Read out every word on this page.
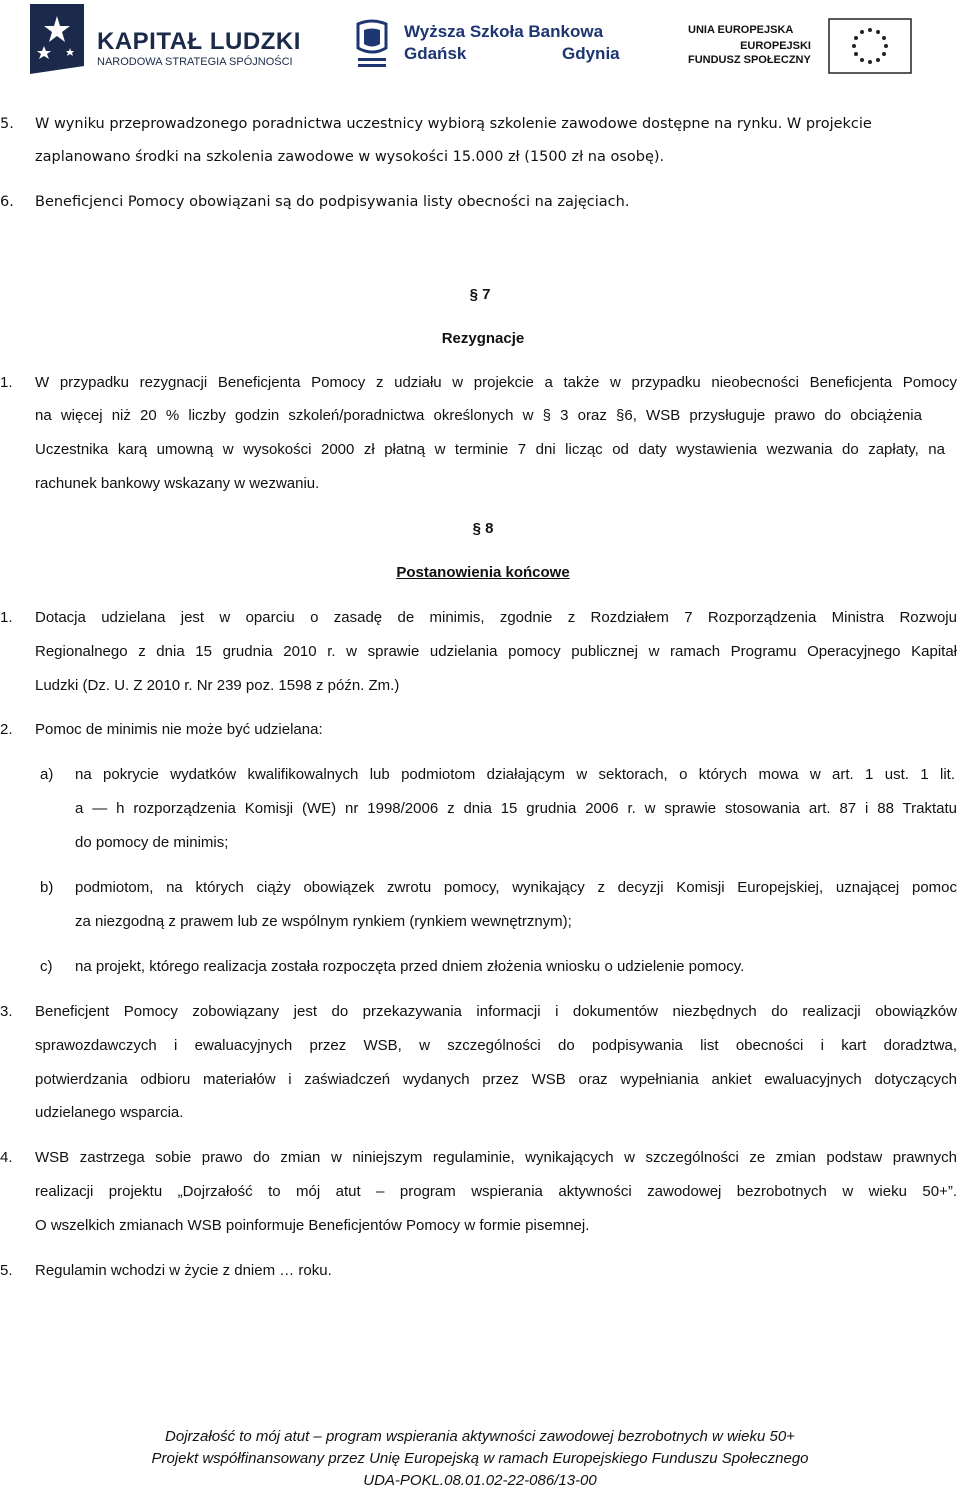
KAPITAŁ LUDZKI
NARODOWA STRATEGIA SPÓJNOŚCI
Wyższa Szkoła Bankowa
Gdańsk	Gdynia
UNIA EUROPEJSKA
EUROPEJSKI
FUNDUSZ SPOŁECZNY
5. W wyniku przeprowadzonego poradnictwa uczestnicy wybiorą szkolenie zawodowe dostępne na rynku. W projekcie
zaplanowano środki na szkolenia zawodowe w wysokości 15.000 zł (1500 zł na osobę).
6. Beneficjenci Pomocy obowiązani są do podpisywania listy obecności na zajęciach.
§ 7
Rezygnacje
1. W przypadku rezygnacji Beneficjenta Pomocy z udziału w projekcie a także w przypadku nieobecności Beneficjenta Pomocy
na więcej niż 20 % liczby godzin szkoleń/poradnictwa określonych w § 3 oraz §6, WSB przysługuje prawo do obciążenia
Uczestnika karą umowną w wysokości 2000 zł płatną w terminie 7 dni licząc od daty wystawienia wezwania do zapłaty, na
rachunek bankowy wskazany w wezwaniu.
§ 8
Postanowienia końcowe
1. Dotacja udzielana jest w oparciu o zasadę de minimis, zgodnie z Rozdziałem 7 Rozporządzenia Ministra Rozwoju
Regionalnego z dnia 15 grudnia 2010 r. w sprawie udzielania pomocy publicznej w ramach Programu Operacyjnego Kapitał
Ludzki (Dz. U. Z 2010 r. Nr 239 poz. 1598 z późn. Zm.)
2. Pomoc de minimis nie może być udzielana:
a) na pokrycie wydatków kwalifikowalnych lub podmiotom działającym w sektorach, o których mowa w art. 1 ust. 1 lit.
a — h rozporządzenia Komisji (WE) nr 1998/2006 z dnia 15 grudnia 2006 r. w sprawie stosowania art. 87 i 88 Traktatu
do pomocy de minimis;
b) podmiotom, na których ciąży obowiązek zwrotu pomocy, wynikający z decyzji Komisji Europejskiej, uznającej pomoc
za niezgodną z prawem lub ze wspólnym rynkiem (rynkiem wewnętrznym);
c) na projekt, którego realizacja została rozpoczęta przed dniem złożenia wniosku o udzielenie pomocy.
3. Beneficjent Pomocy zobowiązany jest do przekazywania informacji i dokumentów niezbędnych do realizacji obowiązków
sprawozdawczych i ewaluacyjnych przez WSB, w szczególności do podpisywania list obecności i kart doradztwa,
potwierdzania odbioru materiałów i zaświadczeń wydanych przez WSB oraz wypełniania ankiet ewaluacyjnych dotyczących
udzielanego wsparcia.
4. WSB zastrzega sobie prawo do zmian w niniejszym regulaminie, wynikających w szczególności ze zmian podstaw prawnych
realizacji projektu „Dojrzałość to mój atut – program wspierania aktywności zawodowej bezrobotnych w wieku 50+”.
O wszelkich zmianach WSB poinformuje Beneficjentów Pomocy w formie pisemnej.
5. Regulamin wchodzi w życie z dniem … roku.
Dojrzałość to mój atut – program wspierania aktywności zawodowej bezrobotnych w wieku 50+
Projekt współfinansowany przez Unię Europejską w ramach Europejskiego Funduszu Społecznego
UDA-POKL.08.01.02-22-086/13-00
